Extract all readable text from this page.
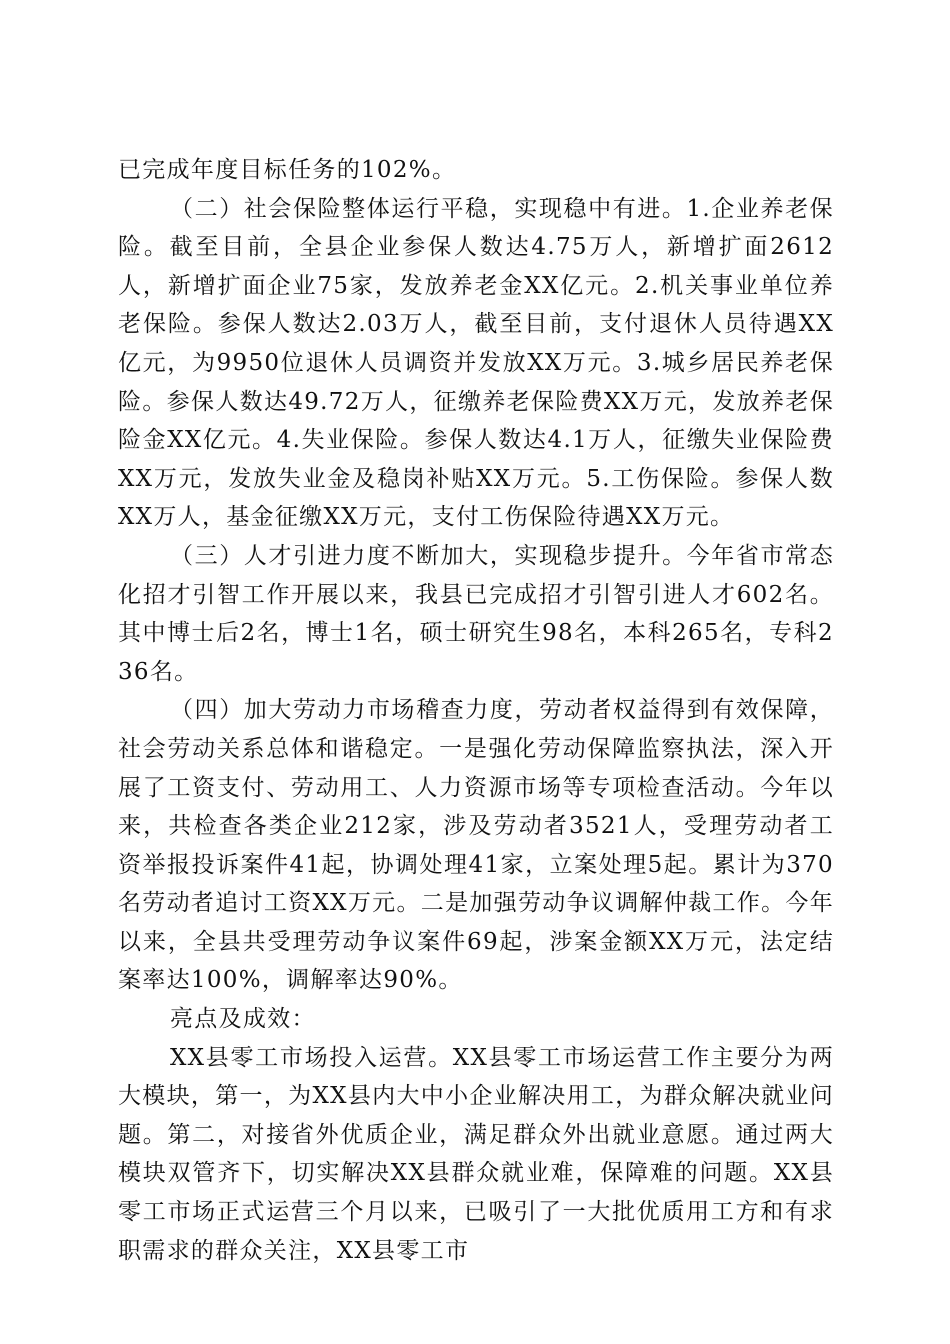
已完成年度目标任务的102%。

（二）社会保险整体运行平稳，实现稳中有进。1.企业养老保险。截至目前，全县企业参保人数达4.75万人，新增扩面2612人，新增扩面企业75家，发放养老金XX亿元。2.机关事业单位养老保险。参保人数达2.03万人，截至目前，支付退休人员待遇XX亿元，为9950位退休人员调资并发放XX万元。3.城乡居民养老保险。参保人数达49.72万人，征缴养老保险费XX万元，发放养老保险金XX亿元。4.失业保险。参保人数达4.1万人，征缴失业保险费XX万元，发放失业金及稳岗补贴XX万元。5.工伤保险。参保人数XX万人，基金征缴XX万元，支付工伤保险待遇XX万元。

（三）人才引进力度不断加大，实现稳步提升。今年省市常态化招才引智工作开展以来，我县已完成招才引智引进人才602名。其中博士后2名，博士1名，硕士研究生98名，本科265名，专科236名。

（四）加大劳动力市场稽查力度，劳动者权益得到有效保障，社会劳动关系总体和谐稳定。一是强化劳动保障监察执法，深入开展了工资支付、劳动用工、人力资源市场等专项检查活动。今年以来，共检查各类企业212家，涉及劳动者3521人，受理劳动者工资举报投诉案件41起，协调处理41家，立案处理5起。累计为370名劳动者追讨工资XX万元。二是加强劳动争议调解仲裁工作。今年以来，全县共受理劳动争议案件69起，涉案金额XX万元，法定结案率达100%，调解率达90%。

亮点及成效：

XX县零工市场投入运营。XX县零工市场运营工作主要分为两大模块，第一，为XX县内大中小企业解决用工，为群众解决就业问题。第二，对接省外优质企业，满足群众外出就业意愿。通过两大模块双管齐下，切实解决XX县群众就业难，保障难的问题。XX县零工市场正式运营三个月以来，已吸引了一大批优质用工方和有求职需求的群众关注，XX县零工市
